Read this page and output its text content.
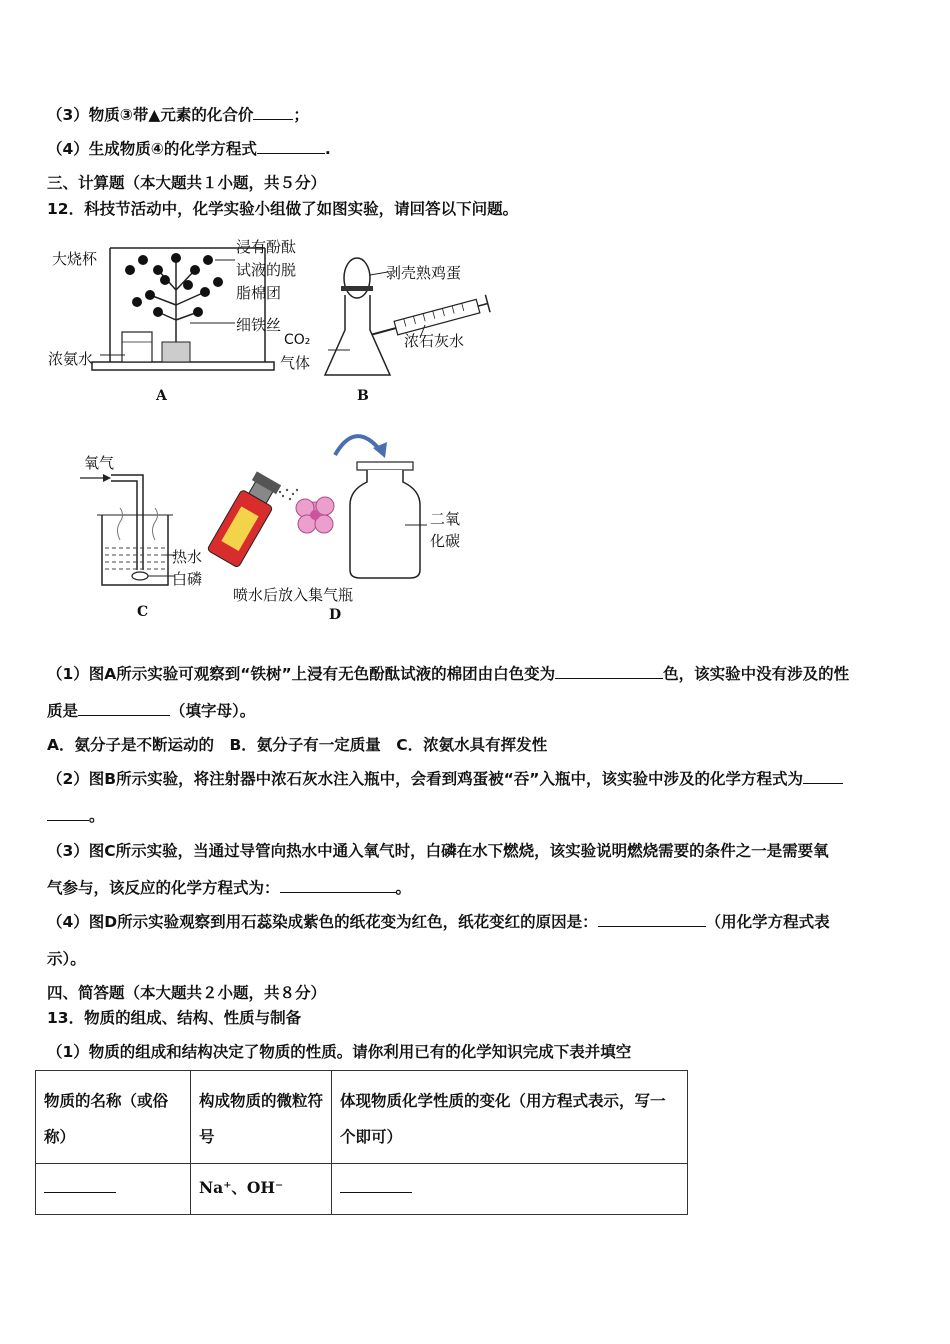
（3）物质③带▲元素的化合价	；
（4）生成物质④的化学方程式	.
三、计算题（本大题共１小题，共５分）
12．科技节活动中，化学实验小组做了如图实验，请回答以下问题。
大烧杯
浸有酚酞
试液的脱
脂棉团
细铁丝
浓氨水
A
剥壳熟鸡蛋
浓石灰水
CO₂
气体
B
氧气
热水
白磷
C
二氧
化碳
喷水后放入集气瓶
D
（1）图A所示实验可观察到“铁树”上浸有无色酚酞试液的棉团由白色变为	色，该实验中没有涉及的性
质是	（填字母）。
A．氨分子是不断运动的　B．氨分子有一定质量　C．浓氨水具有挥发性
（2）图B所示实验，将注射器中浓石灰水注入瓶中，会看到鸡蛋被“吞”入瓶中，该实验中涉及的化学方程式为
。
（3）图C所示实验，当通过导管向热水中通入氧气时，白磷在水下燃烧，该实验说明燃烧需要的条件之一是需要氧
气参与，该反应的化学方程式为：	。
（4）图D所示实验观察到用石蕊染成紫色的纸花变为红色，纸花变红的原因是：	（用化学方程式表
示）。
四、简答题（本大题共２小题，共８分）
13．物质的组成、结构、性质与制备
（1）物质的组成和结构决定了物质的性质。请你利用已有的化学知识完成下表并填空
物质的名称（或俗称）	构成物质的微粒符号	体现物质化学性质的变化（用方程式表示，写一个即可）
	Na⁺、OH⁻	
